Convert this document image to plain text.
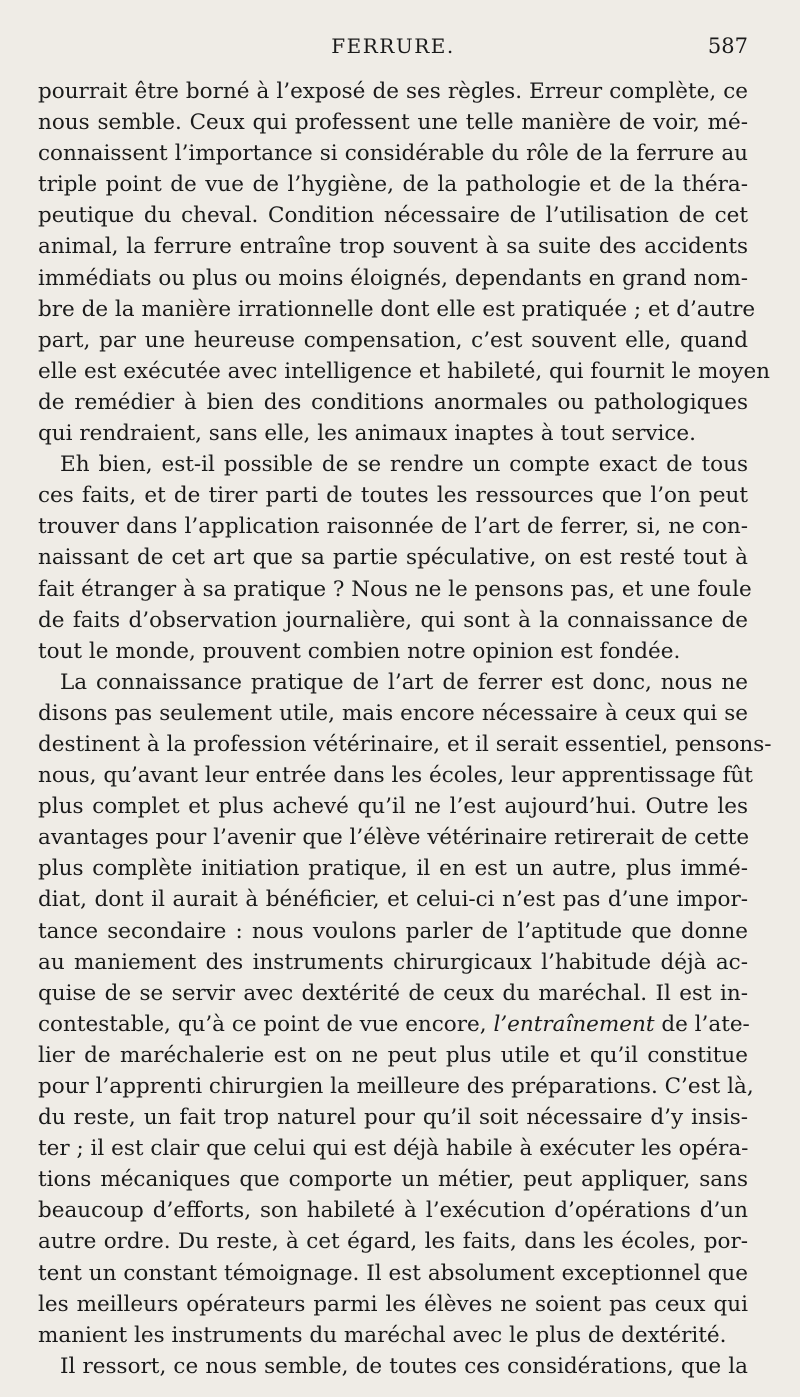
FERRURE.	587
pourrait être borné à l’exposé de ses règles. Erreur complète, ce
nous semble. Ceux qui professent une telle manière de voir, mé-
connaissent l’importance si considérable du rôle de la ferrure au
triple point de vue de l’hygiène, de la pathologie et de la théra-
peutique du cheval. Condition nécessaire de l’utilisation de cet
animal, la ferrure entraîne trop souvent à sa suite des accidents
immédiats ou plus ou moins éloignés, dependants en grand nom-
bre de la manière irrationnelle dont elle est pratiquée ; et d’autre
part, par une heureuse compensation, c’est souvent elle, quand
elle est exécutée avec intelligence et habileté, qui fournit le moyen
de remédier à bien des conditions anormales ou pathologiques
qui rendraient, sans elle, les animaux inaptes à tout service.
Eh bien, est-il possible de se rendre un compte exact de tous
ces faits, et de tirer parti de toutes les ressources que l’on peut
trouver dans l’application raisonnée de l’art de ferrer, si, ne con-
naissant de cet art que sa partie spéculative, on est resté tout à
fait étranger à sa pratique ? Nous ne le pensons pas, et une foule
de faits d’observation journalière, qui sont à la connaissance de
tout le monde, prouvent combien notre opinion est fondée.
La connaissance pratique de l’art de ferrer est donc, nous ne
disons pas seulement utile, mais encore nécessaire à ceux qui se
destinent à la profession vétérinaire, et il serait essentiel, pensons-
nous, qu’avant leur entrée dans les écoles, leur apprentissage fût
plus complet et plus achevé qu’il ne l’est aujourd’hui. Outre les
avantages pour l’avenir que l’élève vétérinaire retirerait de cette
plus complète initiation pratique, il en est un autre, plus immé-
diat, dont il aurait à bénéficier, et celui-ci n’est pas d’une impor-
tance secondaire : nous voulons parler de l’aptitude que donne
au maniement des instruments chirurgicaux l’habitude déjà ac-
quise de se servir avec dextérité de ceux du maréchal. Il est in-
contestable, qu’à ce point de vue encore, l’entraînement de l’ate-
lier de maréchalerie est on ne peut plus utile et qu’il constitue
pour l’apprenti chirurgien la meilleure des préparations. C’est là,
du reste, un fait trop naturel pour qu’il soit nécessaire d’y insis-
ter ; il est clair que celui qui est déjà habile à exécuter les opéra-
tions mécaniques que comporte un métier, peut appliquer, sans
beaucoup d’efforts, son habileté à l’exécution d’opérations d’un
autre ordre. Du reste, à cet égard, les faits, dans les écoles, por-
tent un constant témoignage. Il est absolument exceptionnel que
les meilleurs opérateurs parmi les élèves ne soient pas ceux qui
manient les instruments du maréchal avec le plus de dextérité.
Il ressort, ce nous semble, de toutes ces considérations, que la
